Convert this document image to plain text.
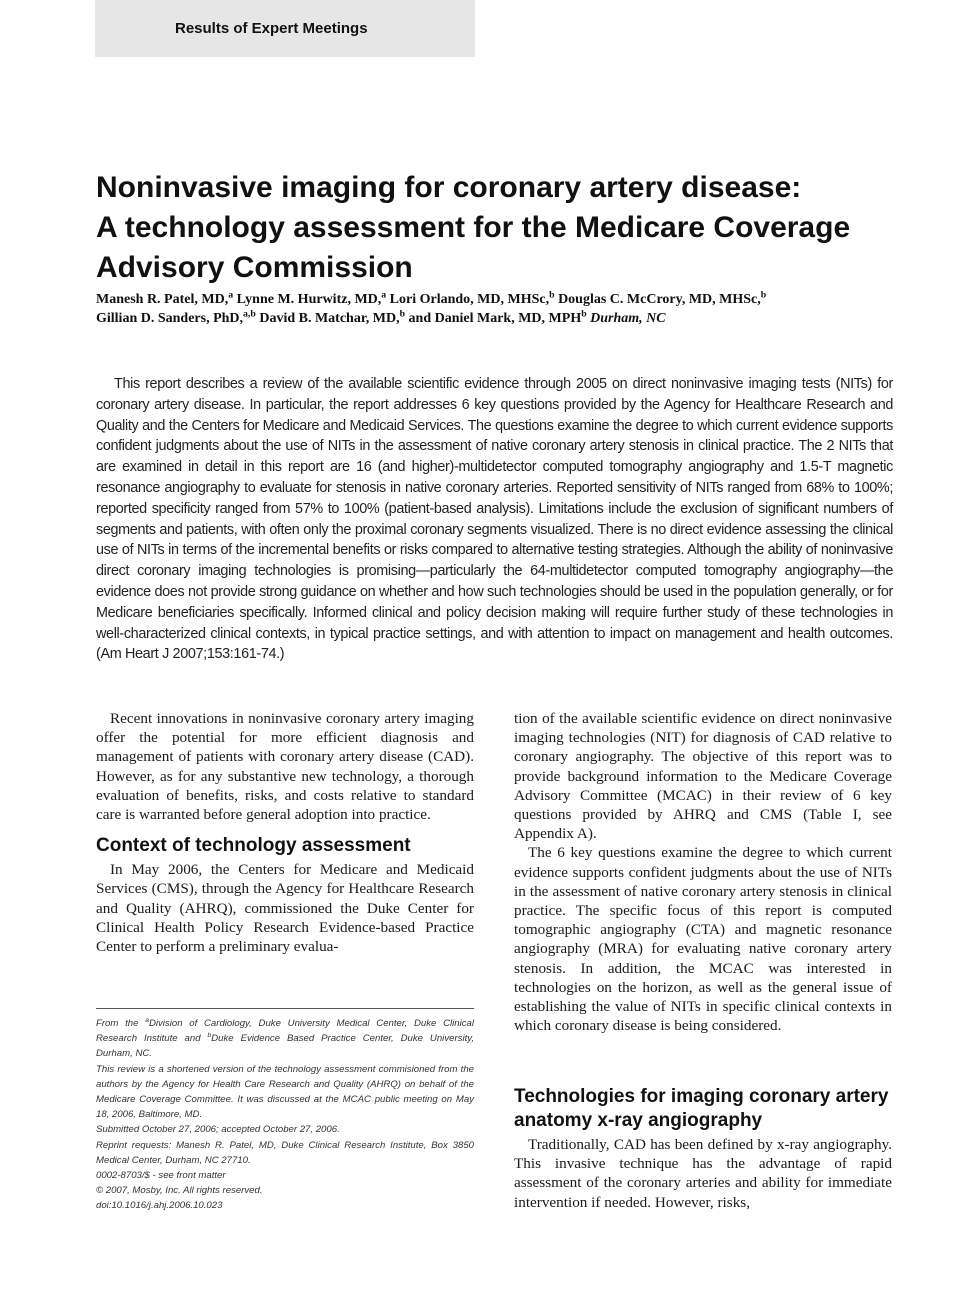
Results of Expert Meetings
Noninvasive imaging for coronary artery disease:
A technology assessment for the Medicare Coverage
Advisory Commission
Manesh R. Patel, MD,$^a$ Lynne M. Hurwitz, MD,$^a$ Lori Orlando, MD, MHSc,$^b$ Douglas C. McCrory, MD, MHSc,$^b$
Gillian D. Sanders, PhD,$^{a,b}$ David B. Matchar, MD,$^b$ and Daniel Mark, MD, MPH$^b$ Durham, NC

This report describes a review of the available scientific evidence through 2005 on direct noninvasive imaging tests (NITs) for coronary artery disease. In particular, the report addresses 6 key questions provided by the Agency for Healthcare Research and Quality and the Centers for Medicare and Medicaid Services. The questions examine the degree to which current evidence supports confident judgments about the use of NITs in the assessment of native coronary artery stenosis in clinical practice. The 2 NITs that are examined in detail in this report are 16 (and higher)-multidetector computed tomography angiography and 1.5-T magnetic resonance angiography to evaluate for stenosis in native coronary arteries. Reported sensitivity of NITs ranged from 68% to 100%; reported specificity ranged from 57% to 100% (patient-based analysis). Limitations include the exclusion of significant numbers of segments and patients, with often only the proximal coronary segments visualized. There is no direct evidence assessing the clinical use of NITs in terms of the incremental benefits or risks compared to alternative testing strategies. Although the ability of noninvasive direct coronary imaging technologies is promising—particularly the 64-multidetector computed tomography angiography—the evidence does not provide strong guidance on whether and how such technologies should be used in the population generally, or for Medicare beneficiaries specifically. Informed clinical and policy decision making will require further study of these technologies in well-characterized clinical contexts, in typical practice settings, and with attention to impact on management and health outcomes. (Am Heart J 2007;153:161-74.)

Recent innovations in noninvasive coronary artery imaging offer the potential for more efficient diagnosis and management of patients with coronary artery disease (CAD). However, as for any substantive new technology, a thorough evaluation of benefits, risks, and costs relative to standard care is warranted before general adoption into practice.

Context of technology assessment

In May 2006, the Centers for Medicare and Medicaid Services (CMS), through the Agency for Healthcare Research and Quality (AHRQ), commissioned the Duke Center for Clinical Health Policy Research Evidence-based Practice Center to perform a preliminary evalua-

tion of the available scientific evidence on direct noninvasive imaging technologies (NIT) for diagnosis of CAD relative to coronary angiography. The objective of this report was to provide background information to the Medicare Coverage Advisory Committee (MCAC) in their review of 6 key questions provided by AHRQ and CMS (Table I, see Appendix A).

The 6 key questions examine the degree to which current evidence supports confident judgments about the use of NITs in the assessment of native coronary artery stenosis in clinical practice. The specific focus of this report is computed tomographic angiography (CTA) and magnetic resonance angiography (MRA) for evaluating native coronary artery stenosis. In addition, the MCAC was interested in technologies on the horizon, as well as the general issue of establishing the value of NITs in specific clinical contexts in which coronary disease is being considered.

Technologies for imaging coronary artery anatomy x-ray angiography

Traditionally, CAD has been defined by x-ray angiography. This invasive technique has the advantage of rapid assessment of the coronary arteries and ability for immediate intervention if needed. However, risks,

From the $^a$Division of Cardiology, Duke University Medical Center, Duke Clinical Research Institute and $^b$Duke Evidence Based Practice Center, Duke University, Durham, NC.

This review is a shortened version of the technology assessment commisioned from the authors by the Agency for Health Care Research and Quality (AHRQ) on behalf of the Medicare Coverage Committee. It was discussed at the MCAC public meeting on May 18, 2006, Baltimore, MD.

Submitted October 27, 2006; accepted October 27, 2006.

Reprint requests: Manesh R. Patel, MD, Duke Clinical Research Institute, Box 3850 Medical Center, Durham, NC 27710.

0002-8703/$ - see front matter

© 2007, Mosby, Inc. All rights reserved.

doi:10.1016/j.ahj.2006.10.023
